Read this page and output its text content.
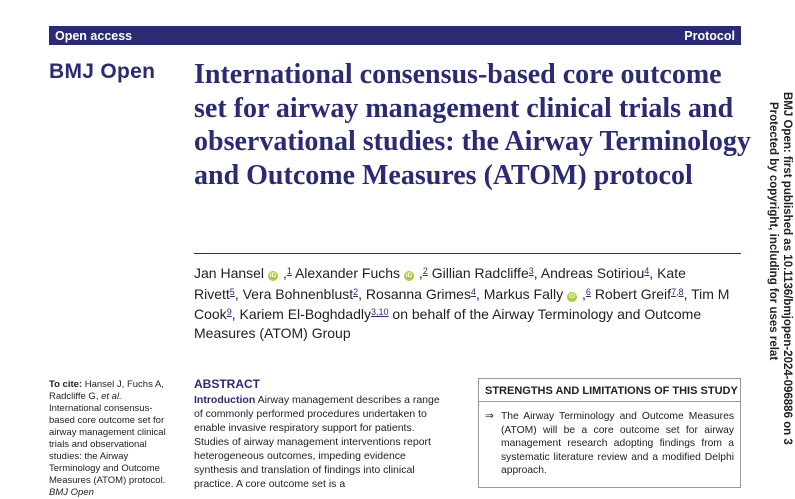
Open access	Protocol
BMJ Open International consensus-based core outcome set for airway management clinical trials and observational studies: the Airway Terminology and Outcome Measures (ATOM) protocol
Jan Hansel iD ,$^1$ Alexander Fuchs iD ,$^2$ Gillian Radcliffe$^3$, Andreas Sotiriou$^4$, Kate Rivett$^5$, Vera Bohnenblust$^2$, Rosanna Grimes$^4$, Markus Fally iD ,$^6$ Robert Greif$^{7,8}$, Tim M Cook$^9$, Kariem El-Boghdadly$^{3,10}$ on behalf of the Airway Terminology and Outcome Measures (ATOM) Group
To cite: Hansel J, Fuchs A, Radcliffe G, et al. International consensus-based core outcome set for airway management clinical trials and observational studies: the Airway Terminology and Outcome Measures (ATOM) protocol. BMJ Open
ABSTRACT
Introduction Airway management describes a range of commonly performed procedures undertaken to enable invasive respiratory support for patients. Studies of airway management interventions report heterogeneous outcomes, impeding evidence synthesis and translation of findings into clinical practice. A core outcome set is a
STRENGTHS AND LIMITATIONS OF THIS STUDY
⇒ The Airway Terminology and Outcome Measures (ATOM) will be a core outcome set for airway management research adopting findings from a systematic literature review and a modified Delphi approach.
BMJ Open: first published as 10.1136/bmjopen-2024-096886 on 3
Protected by copyright, including for uses relat
